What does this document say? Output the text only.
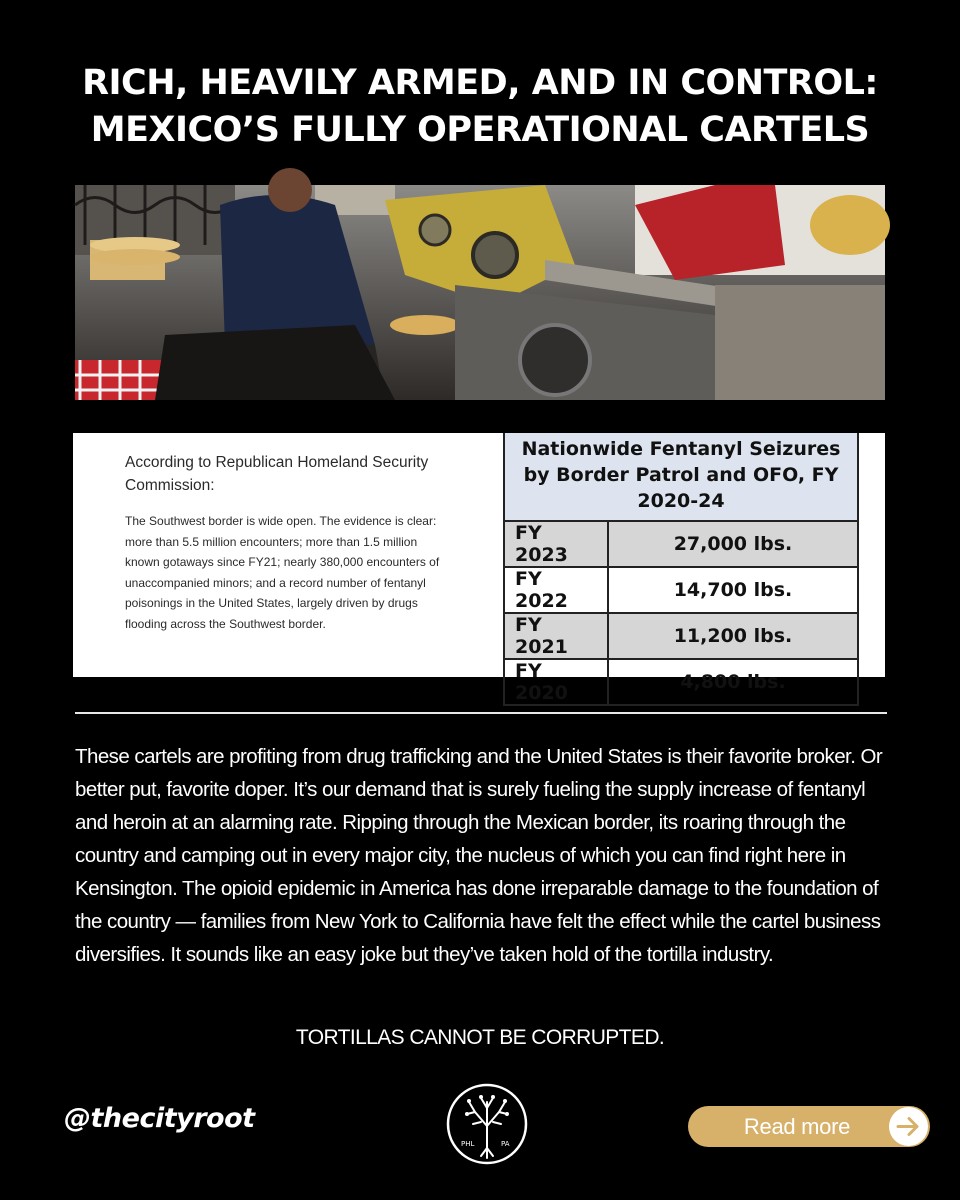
RICH, HEAVILY ARMED, AND IN CONTROL:
MEXICO’S FULLY OPERATIONAL CARTELS
According to Republican Homeland Security Commission:
The Southwest border is wide open. The evidence is clear: more than 5.5 million encounters; more than 1.5 million known gotaways since FY21; nearly 380,000 encounters of unaccompanied minors; and a record number of fentanyl poisonings in the United States, largely driven by drugs flooding across the Southwest border.
Nationwide Fentanyl Seizures by Border Patrol and OFO, FY 2020-24	
FY 2023	27,000 lbs.
FY 2022	14,700 lbs.
FY 2021	11,200 lbs.
FY 2020	4,800 lbs.
These cartels are profiting from drug trafficking and the United States is their favorite broker. Or better put, favorite doper. It’s our demand that is surely fueling the supply increase of fentanyl and heroin at an alarming rate. Ripping through the Mexican border, its roaring through the country and camping out in every major city, the nucleus of which you can find right here in Kensington. The opioid epidemic in America has done irreparable damage to the foundation of the country — families from New York to California have felt the effect while the cartel business diversifies. It sounds like an easy joke but they’ve taken hold of the tortilla industry.
TORTILLAS CANNOT BE CORRUPTED.
@thecityroot
PHL	PA
Read more
